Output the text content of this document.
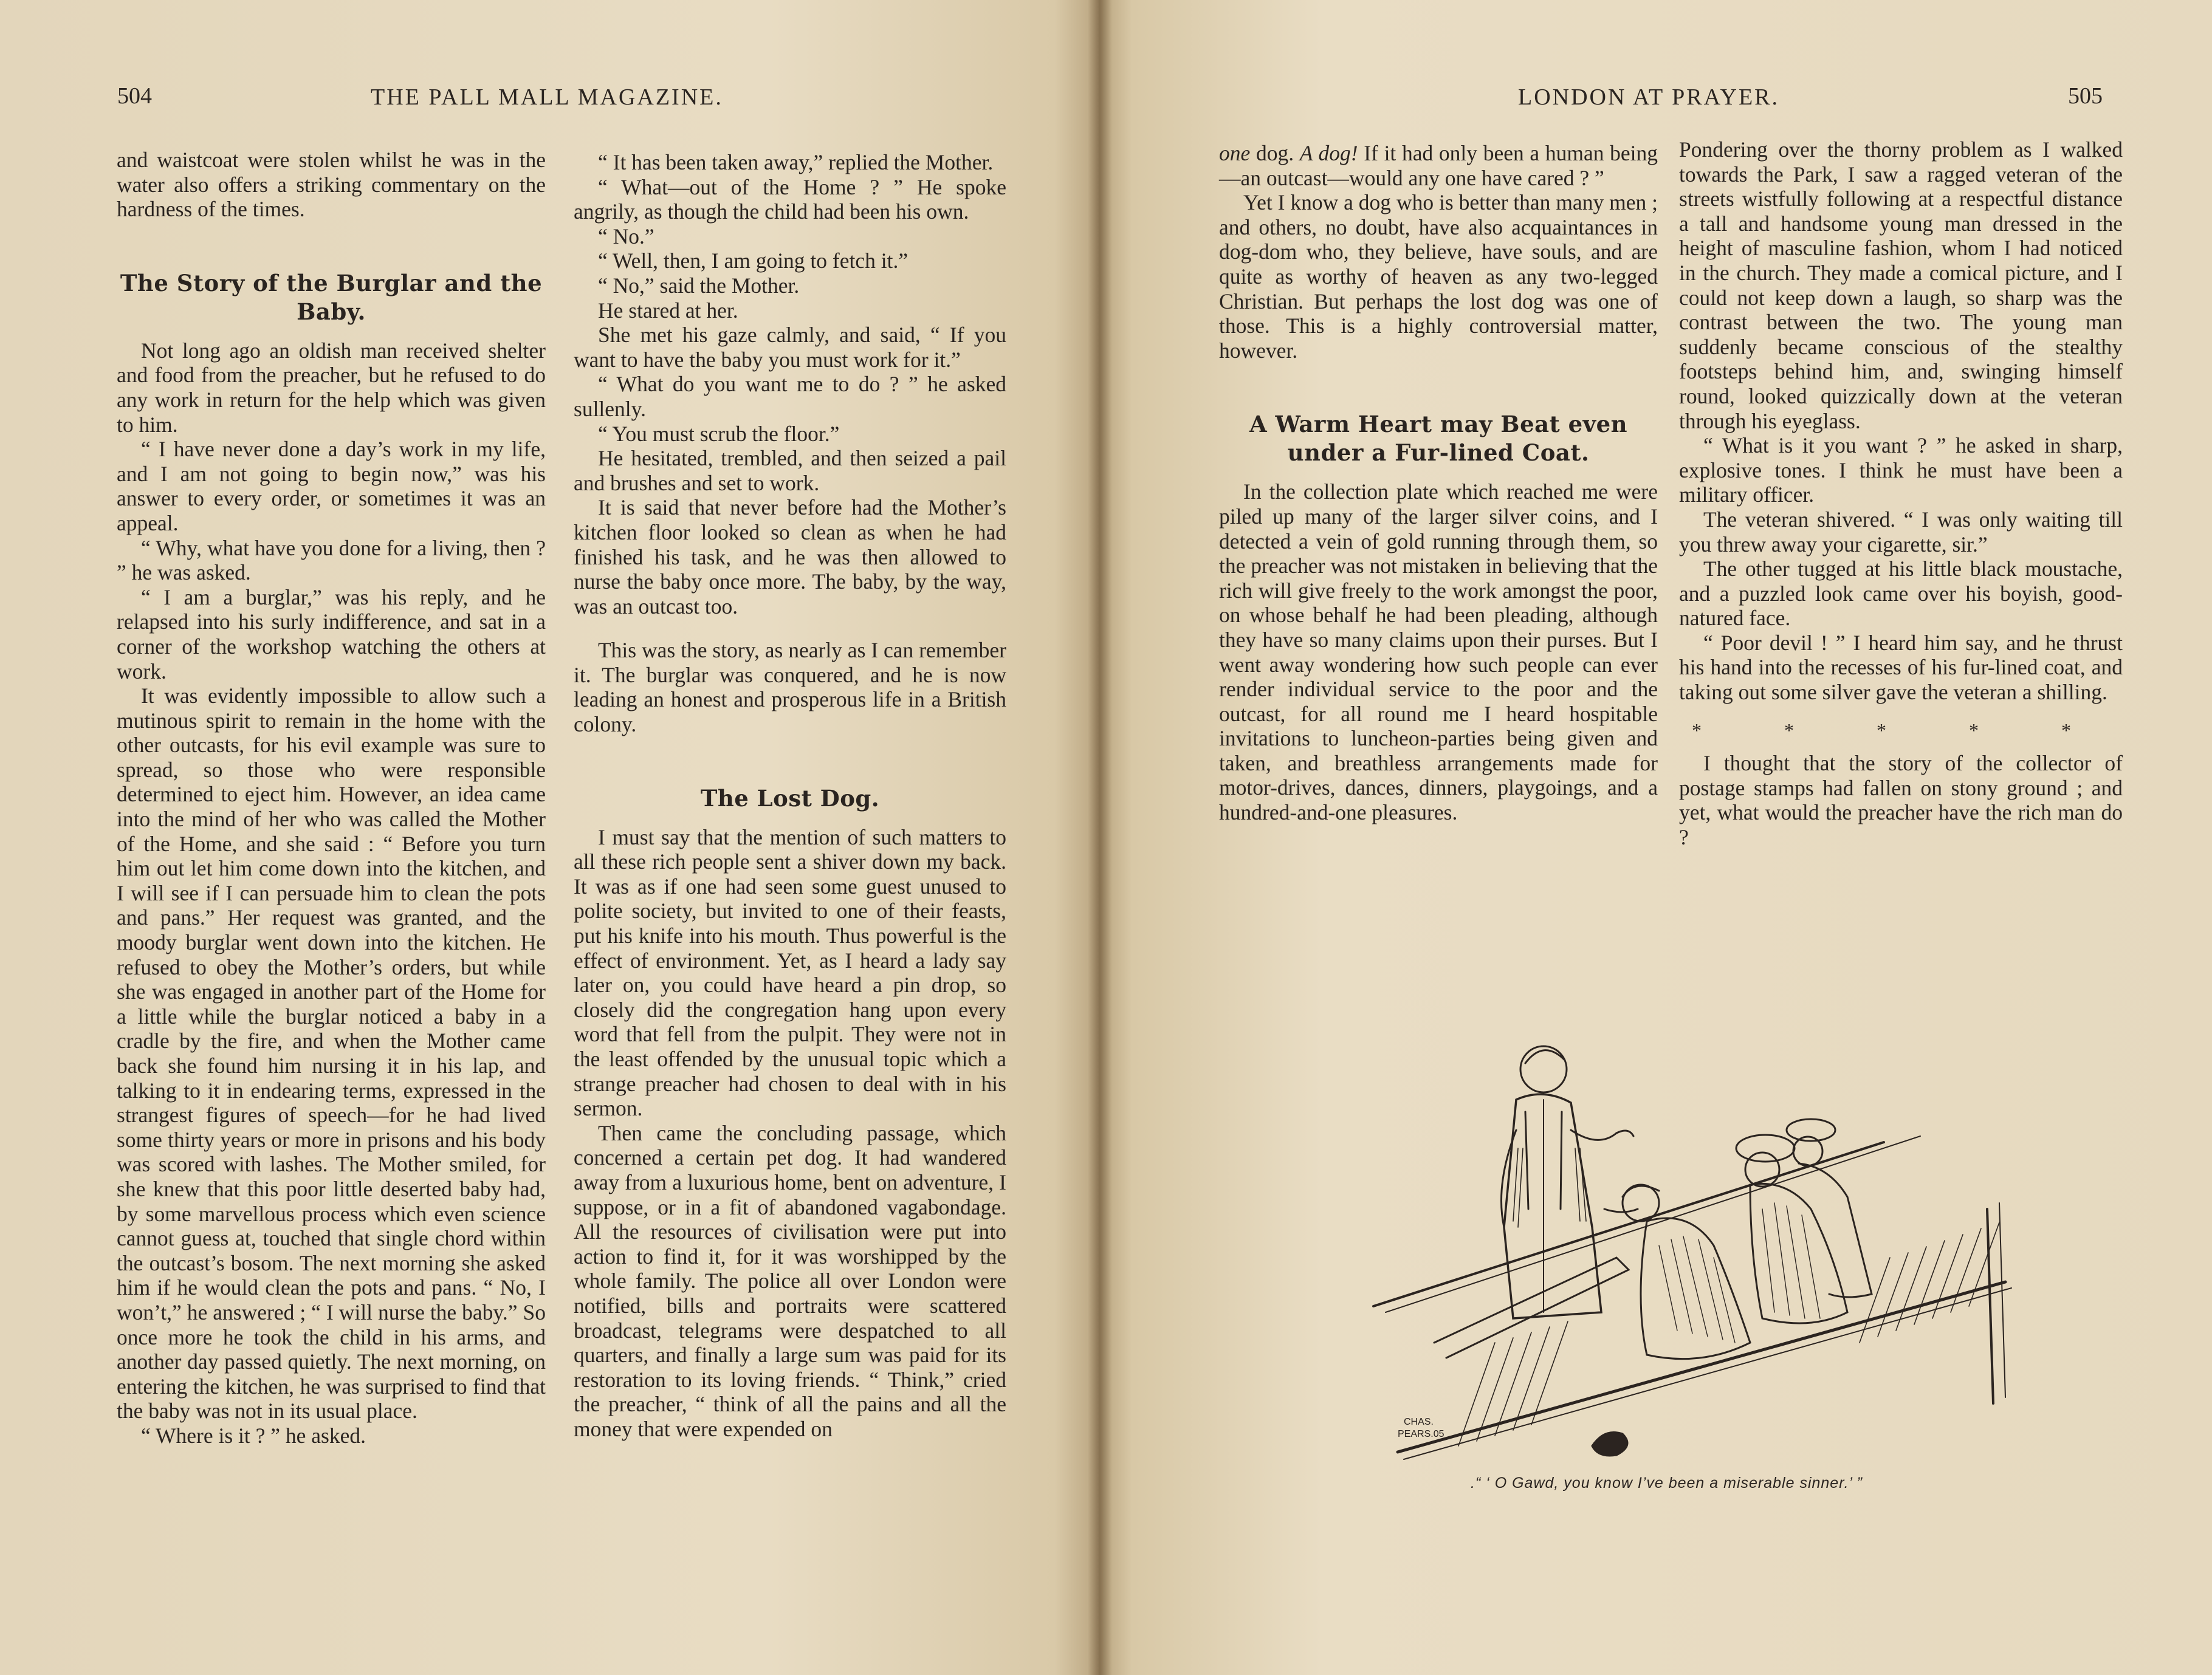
504	THE PALL MALL MAGAZINE.

and waistcoat were stolen whilst he was in the water also offers a striking commentary on the hardness of the times.

The Story of the Burglar and the Baby.

Not long ago an oldish man received shelter and food from the preacher, but he refused to do any work in return for the help which was given to him.

“ I have never done a day’s work in my life, and I am not going to begin now,” was his answer to every order, or sometimes it was an appeal.

“ Why, what have you done for a living, then ? ” he was asked.

“ I am a burglar,” was his reply, and he relapsed into his surly indifference, and sat in a corner of the workshop watching the others at work.

It was evidently impossible to allow such a mutinous spirit to remain in the home with the other outcasts, for his evil example was sure to spread, so those who were responsible determined to eject him. However, an idea came into the mind of her who was called the Mother of the Home, and she said : “ Before you turn him out let him come down into the kitchen, and I will see if I can persuade him to clean the pots and pans.” Her request was granted, and the moody burglar went down into the kitchen. He refused to obey the Mother’s orders, but while she was engaged in another part of the Home for a little while the burglar noticed a baby in a cradle by the fire, and when the Mother came back she found him nursing it in his lap, and talking to it in endearing terms, expressed in the strangest figures of speech—for he had lived some thirty years or more in prisons and his body was scored with lashes. The Mother smiled, for she knew that this poor little deserted baby had, by some marvellous process which even science cannot guess at, touched that single chord within the outcast’s bosom. The next morning she asked him if he would clean the pots and pans. “ No, I won’t,” he answered ; “ I will nurse the baby.” So once more he took the child in his arms, and another day passed quietly. The next morning, on entering the kitchen, he was surprised to find that the baby was not in its usual place.

“ Where is it ? ” he asked.

“ It has been taken away,” replied the Mother.

“ What—out of the Home ? ” He spoke angrily, as though the child had been his own.

“ No.”

“ Well, then, I am going to fetch it.”

“ No,” said the Mother.

He stared at her.

She met his gaze calmly, and said, “ If you want to have the baby you must work for it.”

“ What do you want me to do ? ” he asked sullenly.

“ You must scrub the floor.”

He hesitated, trembled, and then seized a pail and brushes and set to work.

It is said that never before had the Mother’s kitchen floor looked so clean as when he had finished his task, and he was then allowed to nurse the baby once more. The baby, by the way, was an outcast too.

This was the story, as nearly as I can remember it. The burglar was conquered, and he is now leading an honest and prosperous life in a British colony.

The Lost Dog.

I must say that the mention of such matters to all these rich people sent a shiver down my back. It was as if one had seen some guest unused to polite society, but invited to one of their feasts, put his knife into his mouth. Thus powerful is the effect of environment. Yet, as I heard a lady say later on, you could have heard a pin drop, so closely did the congregation hang upon every word that fell from the pulpit. They were not in the least offended by the unusual topic which a strange preacher had chosen to deal with in his sermon.

Then came the concluding passage, which concerned a certain pet dog. It had wandered away from a luxurious home, bent on adventure, I suppose, or in a fit of abandoned vagabondage. All the resources of civilisation were put into action to find it, for it was worshipped by the whole family. The police all over London were notified, bills and portraits were scattered broadcast, telegrams were despatched to all quarters, and finally a large sum was paid for its restoration to its loving friends. “ Think,” cried the preacher, “ think of all the pains and all the money that were expended on

LONDON AT PRAYER.	505

one dog. A dog! If it had only been a human being—an outcast—would any one have cared ? ”

Yet I know a dog who is better than many men ; and others, no doubt, have also acquaintances in dog-dom who, they believe, have souls, and are quite as worthy of heaven as any two-legged Christian. But perhaps the lost dog was one of those. This is a highly controversial matter, however.

A Warm Heart may Beat even under a Fur-lined Coat.

In the collection plate which reached me were piled up many of the larger silver coins, and I detected a vein of gold running through them, so the preacher was not mistaken in believing that the rich will give freely to the work amongst the poor, on whose behalf he had been pleading, although they have so many claims upon their purses. But I went away wondering how such people can ever render individual service to the poor and the outcast, for all round me I heard hospitable invitations to luncheon-parties being given and taken, and breathless arrangements made for motor-drives, dances, dinners, playgoings, and a hundred-and-one pleasures.

Pondering over the thorny problem as I walked towards the Park, I saw a ragged veteran of the streets wistfully following at a respectful distance a tall and handsome young man dressed in the height of masculine fashion, whom I had noticed in the church. They made a comical picture, and I could not keep down a laugh, so sharp was the contrast between the two. The young man suddenly became conscious of the stealthy footsteps behind him, and, swinging himself round, looked quizzically down at the veteran through his eyeglass.

“ What is it you want ? ” he asked in sharp, explosive tones. I think he must have been a military officer.

The veteran shivered. “ I was only waiting till you threw away your cigarette, sir.”

The other tugged at his little black moustache, and a puzzled look came over his boyish, good-natured face.

“ Poor devil ! ” I heard him say, and he thrust his hand into the recesses of his fur-lined coat, and taking out some silver gave the veteran a shilling.

* * * * *

I thought that the story of the collector of postage stamps had fallen on stony ground ; and yet, what would the preacher have the rich man do ?

CHAS.
PEARS.05
.“ ‘ O Gawd, you know I’ve been a miserable sinner.’ ”
